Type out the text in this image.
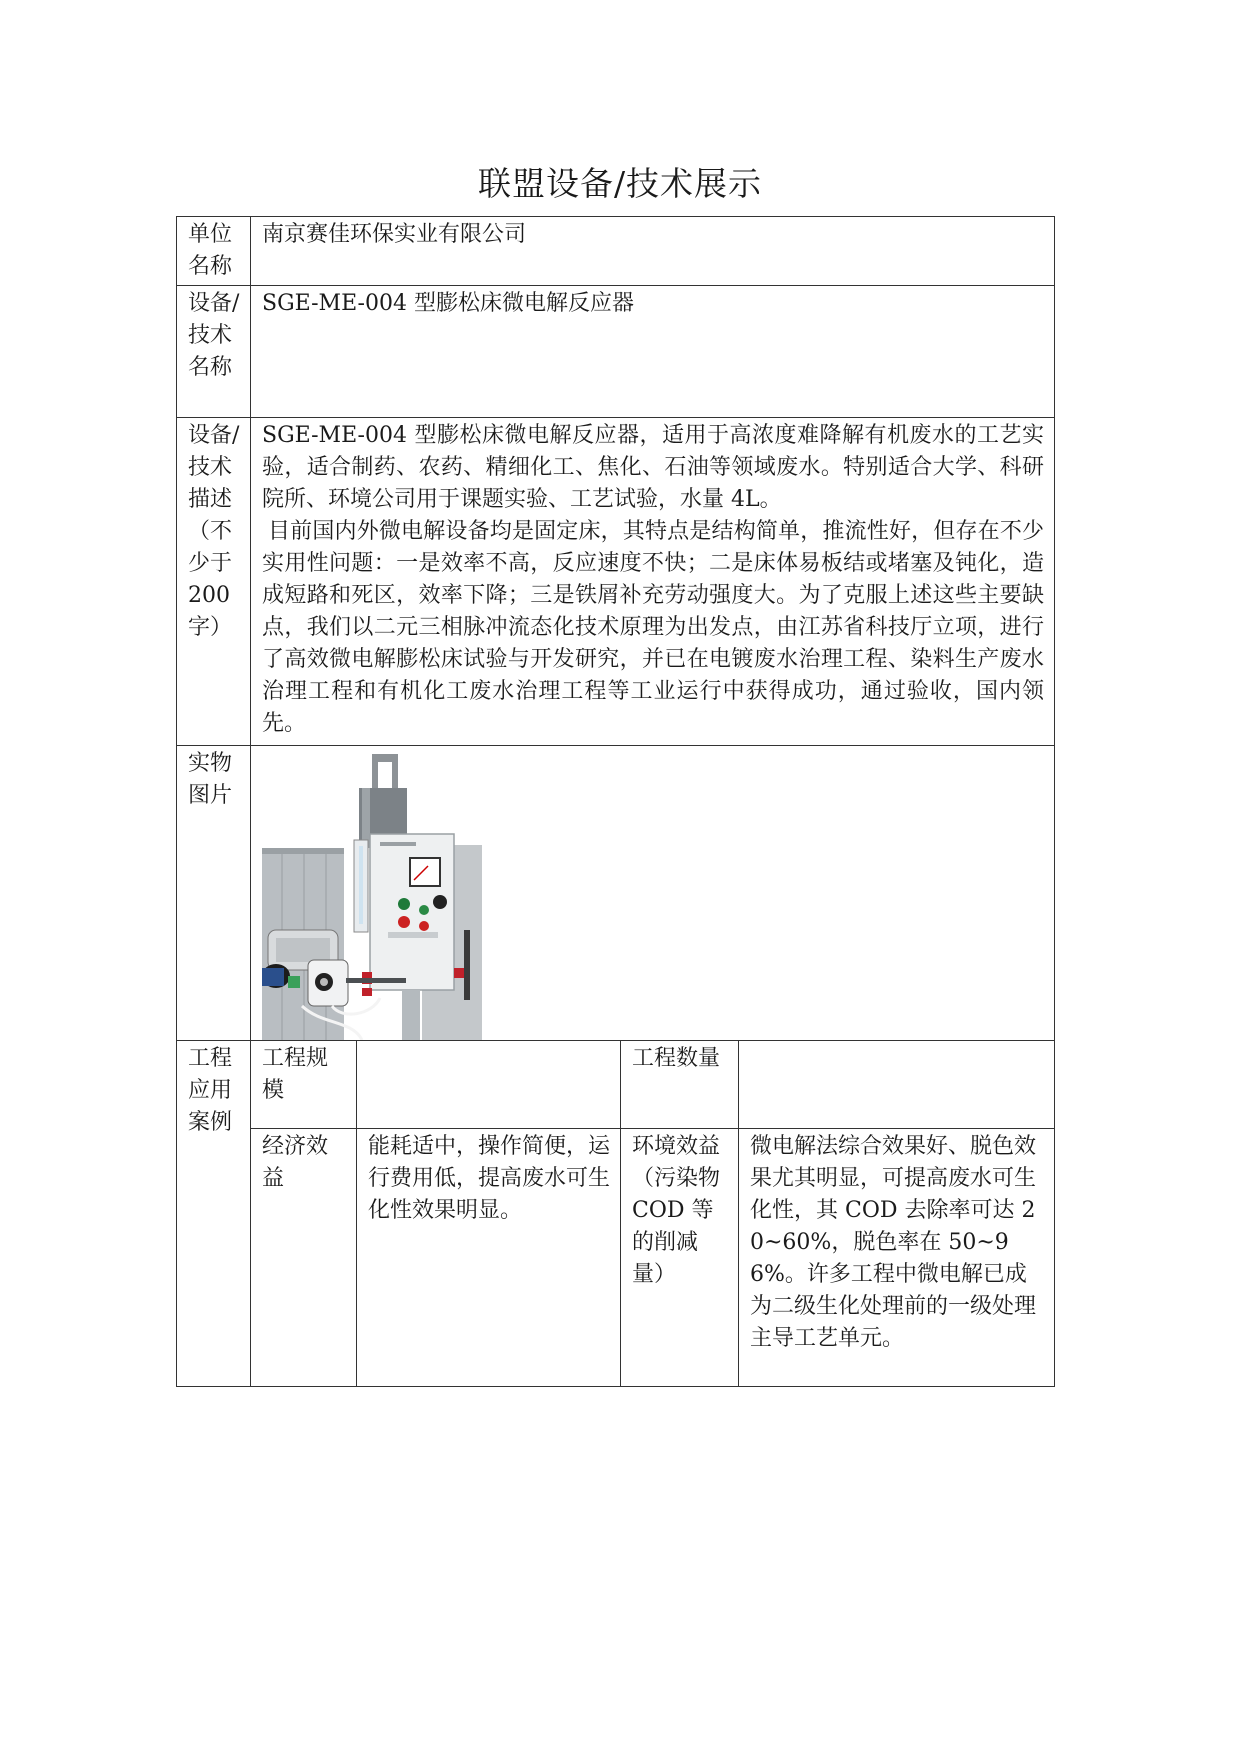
联盟设备/技术展示
单位名称	南京赛佳环保实业有限公司			
设备/技术名称	SGE-ME-004 型膨松床微电解反应器			
设备/技术描述（不少于200字）	SGE-ME-004 型膨松床微电解反应器，适用于高浓度难降解有机废水的工艺实验，适合制药、农药、精细化工、焦化、石油等领域废水。特别适合大学、科研院所、环境公司用于课题实验、工艺试验，水量 4L。

目前国内外微电解设备均是固定床，其特点是结构简单，推流性好，但存在不少实用性问题：一是效率不高，反应速度不快；二是床体易板结或堵塞及钝化，造成短路和死区，效率下降；三是铁屑补充劳动强度大。为了克服上述这些主要缺点，我们以二元三相脉冲流态化技术原理为出发点，由江苏省科技厅立项，进行了高效微电解膨松床试验与开发研究，并已在电镀废水治理工程、染料生产废水治理工程和有机化工废水治理工程等工业运行中获得成功，通过验收，国内领先。			

实物图片	

工程应用案例	工程规模		工程数量	
	经济效益	能耗适中，操作简便，运行费用低，提高废水可生化性效果明显。	环境效益（污染物 COD 等的削减量）	微电解法综合效果好、脱色效果尤其明显，可提高废水可生化性，其 COD 去除率可达 20~60%，脱色率在 50~96%。许多工程中微电解已成为二级生化处理前的一级处理主导工艺单元。
